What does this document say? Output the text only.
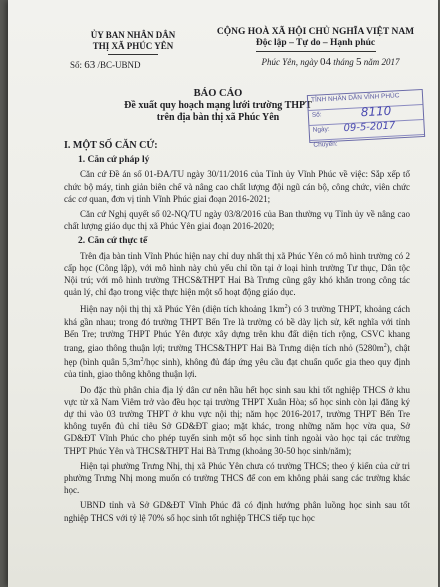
ỦY BAN NHÂN DÂN
THỊ XÃ PHÚC YÊN
Số: 63 /BC-UBND
CỘNG HOÀ XÃ HỘI CHỦ NGHĨA VIỆT NAM
Độc lập – Tự do – Hạnh phúc
Phúc Yên, ngày 04 tháng 5 năm 2017
BÁO CÁO
Đề xuất quy hoạch mạng lưới trường THPT
trên địa bàn thị xã Phúc Yên
TỈNH NHÂN DÂN VĨNH PHÚC
Số:	8110
Ngày: 09-5-2017
Chuyển:
I. MỘT SỐ CĂN CỨ:
1. Căn cứ pháp lý

Căn cứ Đề án số 01-ĐA/TU ngày 30/11/2016 của Tỉnh ủy Vĩnh Phúc về việc: Sắp xếp tổ chức bộ máy, tinh giản biên chế và nâng cao chất lượng đội ngũ cán bộ, công chức, viên chức các cơ quan, đơn vị tỉnh Vĩnh Phúc giai đoạn 2016-2021;

Căn cứ Nghị quyết số 02-NQ/TU ngày 03/8/2016 của Ban thường vụ Tỉnh ủy về nâng cao chất lượng giáo dục thị xã Phúc Yên giai đoạn 2016-2020;

2. Căn cứ thực tế

Trên địa bàn tỉnh Vĩnh Phúc hiện nay chỉ duy nhất thị xã Phúc Yên có mô hình trường có 2 cấp học (Công lập), với mô hình này chủ yếu chỉ tồn tại ở loại hình trường Tư thục, Dân tộc Nội trú; với mô hình trường THCS&THPT Hai Bà Trưng cũng gây khó khăn trong công tác quản lý, chỉ đạo trong việc thực hiện một số hoạt động giáo dục.

Hiện nay nội thị thị xã Phúc Yên (diện tích khoảng $1km^2$) có 3 trường THPT, khoảng cách khá gần nhau; trong đó trường THPT Bến Tre là trường có bề dày lịch sử, kết nghĩa với tỉnh Bến Tre; trường THPT Phúc Yên được xây dựng trên khu đất diện tích rộng, CSVC khang trang, giao thông thuận lợi; trường THCS&THPT Hai Bà Trưng diện tích nhỏ $(5280m^2)$, chật hẹp (bình quân $5,3m^2$/học sinh), không đủ đáp ứng yêu cầu đạt chuẩn quốc gia theo quy định của tỉnh, giao thông không thuận lợi.

Do đặc thù phân chia địa lý dân cư nên hầu hết học sinh sau khi tốt nghiệp THCS ở khu vực từ xã Nam Viêm trở vào đều học tại trường THPT Xuân Hòa; số học sinh còn lại đăng ký dự thi vào 03 trường THPT ở khu vực nội thị; năm học 2016-2017, trường THPT Bến Tre không tuyển đủ chỉ tiêu Sở GD&ĐT giao; mặt khác, trong những năm học vừa qua, Sở GD&ĐT Vĩnh Phúc cho phép tuyển sinh một số học sinh tỉnh ngoài vào học tại các trường THPT Phúc Yên và THCS&THPT Hai Bà Trưng (khoảng 30-50 học sinh/năm);

Hiện tại phường Trưng Nhị, thị xã Phúc Yên chưa có trường THCS; theo ý kiến của cử tri phường Trưng Nhị mong muốn có trường THCS để con em không phải sang các trường khác học.

UBND tỉnh và Sở GD&ĐT Vĩnh Phúc đã có định hướng phân luồng học sinh sau tốt nghiệp THCS với tỷ lệ 70% số học sinh tốt nghiệp THCS tiếp tục học
